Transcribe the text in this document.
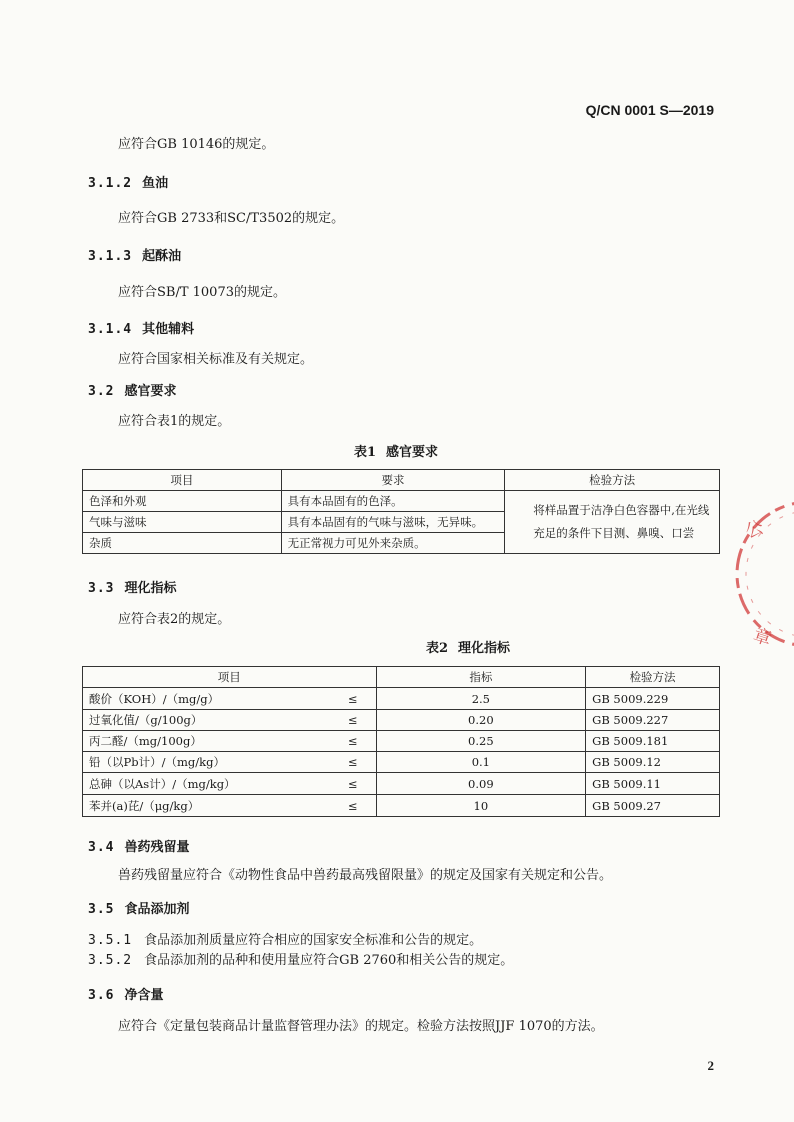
Q/CN 0001 S—2019
应符合GB 10146的规定。
3.1.2 鱼油
应符合GB 2733和SC/T3502的规定。
3.1.3 起酥油
应符合SB/T 10073的规定。
3.1.4 其他辅料
应符合国家相关标准及有关规定。
3.2 感官要求
应符合表1的规定。
表1 感官要求
项目	要求	检验方法
色泽和外观	具有本品固有的色泽。	将样品置于洁净白色容器中,在光线充足的条件下目测、鼻嗅、口尝
气味与滋味	具有本品固有的气味与滋味，无异味。	
杂质	无正常视力可见外来杂质。	
3.3 理化指标
应符合表2的规定。
表2 理化指标
项目		指标	检验方法
酸价（KOH）/（mg/g）	≤	2.5	GB 5009.229
过氧化值/（g/100g）	≤	0.20	GB 5009.227
丙二醛/（mg/100g）	≤	0.25	GB 5009.181
铅（以Pb计）/（mg/kg）	≤	0.1	GB 5009.12
总砷（以As计）/（mg/kg）	≤	0.09	GB 5009.11
苯并(a)芘/（μg/kg）	≤	10	GB 5009.27
3.4 兽药残留量
兽药残留量应符合《动物性食品中兽药最高残留限量》的规定及国家有关规定和公告。
3.5 食品添加剂
3.5.1 食品添加剂质量应符合相应的国家安全标准和公告的规定。
3.5.2 食品添加剂的品种和使用量应符合GB 2760和相关公告的规定。
3.6 净含量
应符合《定量包装商品计量监督管理办法》的规定。检验方法按照JJF 1070的方法。
2
公
章
